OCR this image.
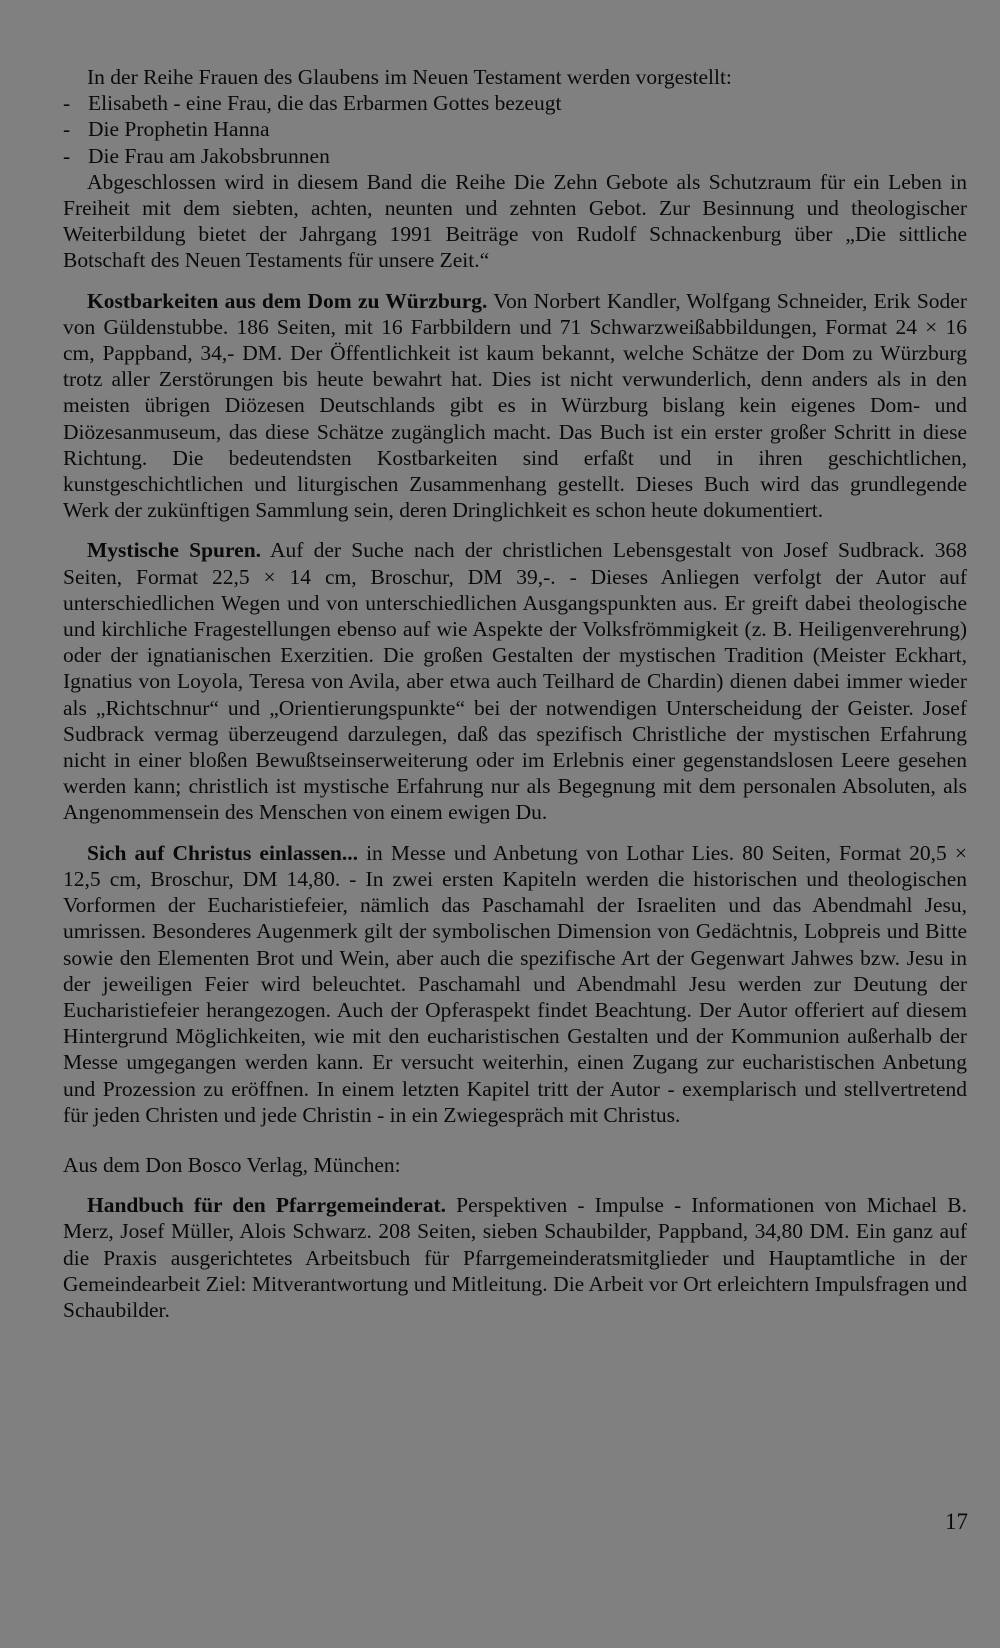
In der Reihe Frauen des Glaubens im Neuen Testament werden vorgestellt:

- Elisabeth - eine Frau, die das Erbarmen Gottes bezeugt
- Die Prophetin Hanna
- Die Frau am Jakobsbrunnen

Abgeschlossen wird in diesem Band die Reihe Die Zehn Gebote als Schutzraum für ein Leben in Freiheit mit dem siebten, achten, neunten und zehnten Gebot. Zur Besinnung und theologischer Weiterbildung bietet der Jahrgang 1991 Beiträge von Rudolf Schnackenburg über „Die sittliche Botschaft des Neuen Testaments für unsere Zeit.“

Kostbarkeiten aus dem Dom zu Würzburg. Von Norbert Kandler, Wolfgang Schneider, Erik Soder von Güldenstubbe. 186 Seiten, mit 16 Farbbildern und 71 Schwarzweißabbildungen, Format 24 × 16 cm, Pappband, 34,- DM. Der Öffentlichkeit ist kaum bekannt, welche Schätze der Dom zu Würzburg trotz aller Zerstörungen bis heute bewahrt hat. Dies ist nicht verwunderlich, denn anders als in den meisten übrigen Diözesen Deutschlands gibt es in Würzburg bislang kein eigenes Dom- und Diözesanmuseum, das diese Schätze zugänglich macht. Das Buch ist ein erster großer Schritt in diese Richtung. Die bedeutendsten Kostbarkeiten sind erfaßt und in ihren geschichtlichen, kunstgeschichtlichen und liturgischen Zusammenhang gestellt. Dieses Buch wird das grundlegende Werk der zukünftigen Sammlung sein, deren Dringlichkeit es schon heute dokumentiert.

Mystische Spuren. Auf der Suche nach der christlichen Lebensgestalt von Josef Sudbrack. 368 Seiten, Format 22,5 × 14 cm, Broschur, DM 39,-. - Dieses Anliegen verfolgt der Autor auf unterschiedlichen Wegen und von unterschiedlichen Ausgangspunkten aus. Er greift dabei theologische und kirchliche Fragestellungen ebenso auf wie Aspekte der Volksfrömmigkeit (z. B. Heiligenverehrung) oder der ignatianischen Exerzitien. Die großen Gestalten der mystischen Tradition (Meister Eckhart, Ignatius von Loyola, Teresa von Avila, aber etwa auch Teilhard de Chardin) dienen dabei immer wieder als „Richtschnur“ und „Orientierungspunkte“ bei der notwendigen Unterscheidung der Geister. Josef Sudbrack vermag überzeugend darzulegen, daß das spezifisch Christliche der mystischen Erfahrung nicht in einer bloßen Bewußtseinserweiterung oder im Erlebnis einer gegenstandslosen Leere gesehen werden kann; christlich ist mystische Erfahrung nur als Begegnung mit dem personalen Absoluten, als Angenommensein des Menschen von einem ewigen Du.

Sich auf Christus einlassen... in Messe und Anbetung von Lothar Lies. 80 Seiten, Format 20,5 × 12,5 cm, Broschur, DM 14,80. - In zwei ersten Kapiteln werden die historischen und theologischen Vorformen der Eucharistiefeier, nämlich das Paschamahl der Israeliten und das Abendmahl Jesu, umrissen. Besonderes Augenmerk gilt der symbolischen Dimension von Gedächtnis, Lobpreis und Bitte sowie den Elementen Brot und Wein, aber auch die spezifische Art der Gegenwart Jahwes bzw. Jesu in der jeweiligen Feier wird beleuchtet. Paschamahl und Abendmahl Jesu werden zur Deutung der Eucharistiefeier herangezogen. Auch der Opferaspekt findet Beachtung. Der Autor offeriert auf diesem Hintergrund Möglichkeiten, wie mit den eucharistischen Gestalten und der Kommunion außerhalb der Messe umgegangen werden kann. Er versucht weiterhin, einen Zugang zur eucharistischen Anbetung und Prozession zu eröffnen. In einem letzten Kapitel tritt der Autor - exemplarisch und stellvertretend für jeden Christen und jede Christin - in ein Zwiegespräch mit Christus.

Aus dem Don Bosco Verlag, München:

Handbuch für den Pfarrgemeinderat. Perspektiven - Impulse - Informationen von Michael B. Merz, Josef Müller, Alois Schwarz. 208 Seiten, sieben Schaubilder, Pappband, 34,80 DM. Ein ganz auf die Praxis ausgerichtetes Arbeitsbuch für Pfarrgemeinderatsmitglieder und Hauptamtliche in der Gemeindearbeit Ziel: Mitverantwortung und Mitleitung. Die Arbeit vor Ort erleichtern Impulsfragen und Schaubilder.

17
